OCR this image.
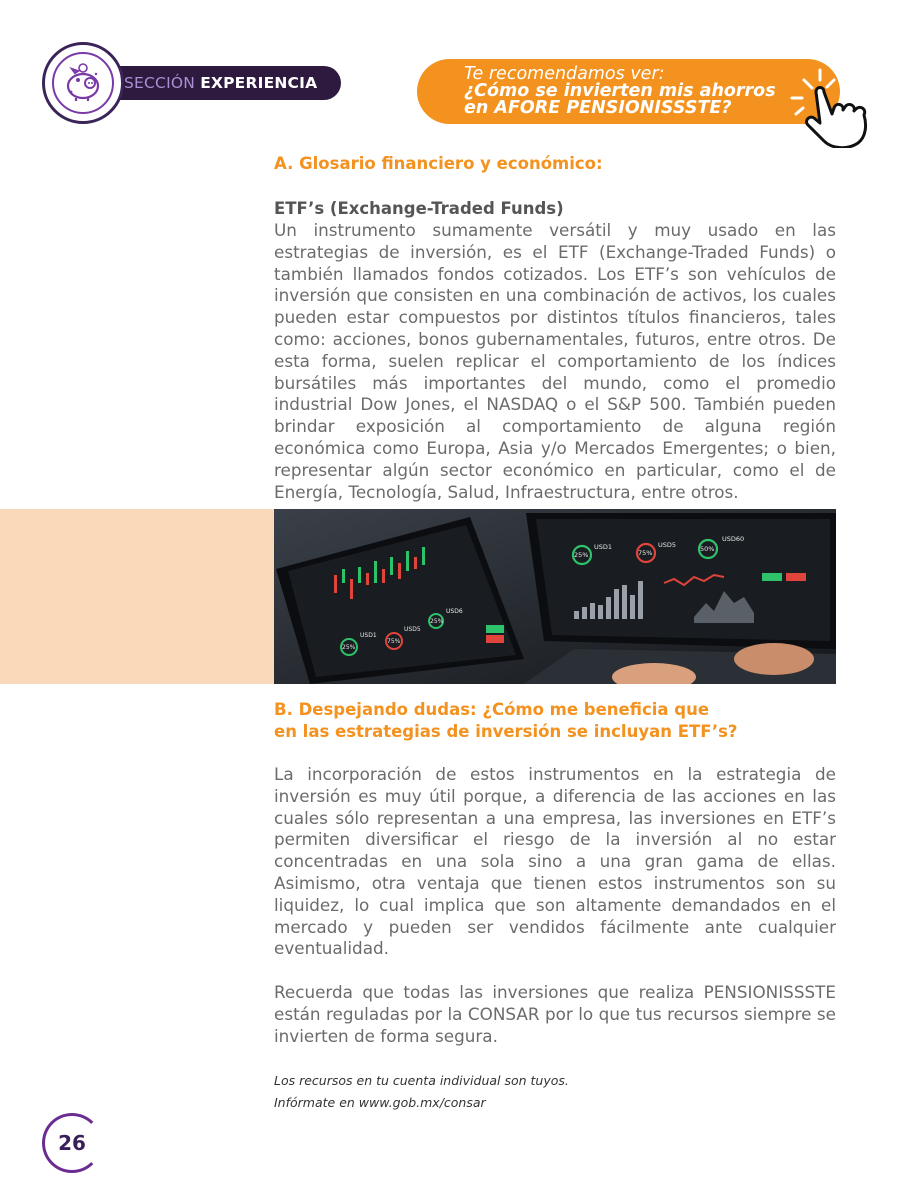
SECCIÓN EXPERIENCIA	Te recomendamos ver:
¿Cómo se invierten mis ahorros
en AFORE PENSIONISSSTE?
A. Glosario financiero y económico:
ETF’s (Exchange-Traded Funds)
Un instrumento sumamente versátil y muy usado en las estrategias de inversión, es el ETF (Exchange-Traded Funds) o también llamados fondos cotizados. Los ETF’s son vehículos de inversión que consisten en una combinación de activos, los cuales pueden estar compuestos por distintos títulos financieros, tales como: acciones, bonos gubernamentales, futuros, entre otros. De esta forma, suelen replicar el comportamiento de los índices bursátiles más importantes del mundo, como el promedio industrial Dow Jones, el NASDAQ o el S&P 500. También pueden brindar exposición al comportamiento de alguna región económica como Europa, Asia y/o Mercados Emergentes; o bien, representar algún sector económico en particular, como el de Energía, Tecnología, Salud, Infraestructura, entre otros.
25%
USD1
75%
USD5
25%
USD6
25%
USD1
75%
USD5	50%
USD60
B. Despejando dudas: ¿Cómo me beneficia que
en las estrategias de inversión se incluyan ETF’s?
La incorporación de estos instrumentos en la estrategia de inversión es muy útil porque, a diferencia de las acciones en las cuales sólo representan a una empresa, las inversiones en ETF’s permiten diversificar el riesgo de la inversión al no estar concentradas en una sola sino a una gran gama de ellas. Asimismo, otra ventaja que tienen estos instrumentos son su liquidez, lo cual implica que son altamente demandados en el mercado y pueden ser vendidos fácilmente ante cualquier eventualidad.
Recuerda que todas las inversiones que realiza PENSIONISSSTE están reguladas por la CONSAR por lo que tus recursos siempre se invierten de forma segura.
Los recursos en tu cuenta individual son tuyos.
Infórmate en www.gob.mx/consar
26
